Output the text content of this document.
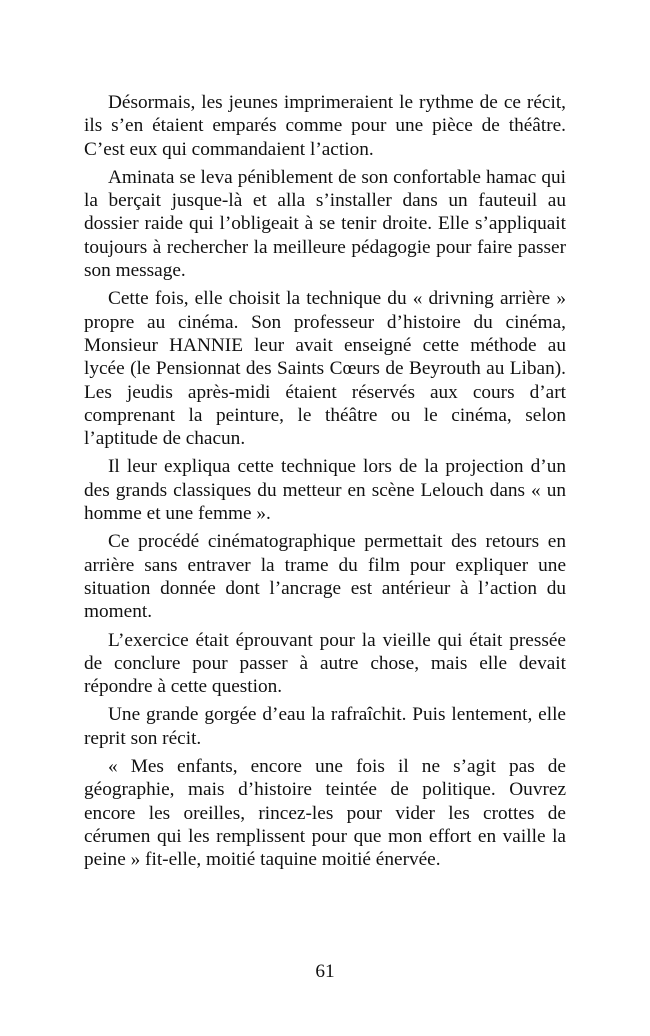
Désormais, les jeunes imprimeraient le rythme de ce récit, ils s’en étaient emparés comme pour une pièce de théâtre. C’est eux qui commandaient l’action.

Aminata se leva péniblement de son confortable hamac qui la berçait jusque-là et alla s’installer dans un fauteuil au dossier raide qui l’obligeait à se tenir droite. Elle s’appliquait toujours à rechercher la meilleure pédagogie pour faire passer son message.

Cette fois, elle choisit la technique du « drivning arrière » propre au cinéma. Son professeur d’histoire du cinéma, Monsieur HANNIE leur avait enseigné cette méthode au lycée (le Pensionnat des Saints Cœurs de Beyrouth au Liban). Les jeudis après-midi étaient réservés aux cours d’art comprenant la peinture, le théâtre ou le cinéma, selon l’aptitude de chacun.

Il leur expliqua cette technique lors de la projection d’un des grands classiques du metteur en scène Lelouch dans « un homme et une femme ».

Ce procédé cinématographique permettait des retours en arrière sans entraver la trame du film pour expliquer une situation donnée dont l’ancrage est antérieur à l’action du moment.

L’exercice était éprouvant pour la vieille qui était pressée de conclure pour passer à autre chose, mais elle devait répondre à cette question.

Une grande gorgée d’eau la rafraîchit. Puis lentement, elle reprit son récit.

« Mes enfants, encore une fois il ne s’agit pas de géographie, mais d’histoire teintée de politique. Ouvrez encore les oreilles, rincez-les pour vider les crottes de cérumen qui les remplissent pour que mon effort en vaille la peine » fit-elle, moitié taquine moitié énervée.

61
